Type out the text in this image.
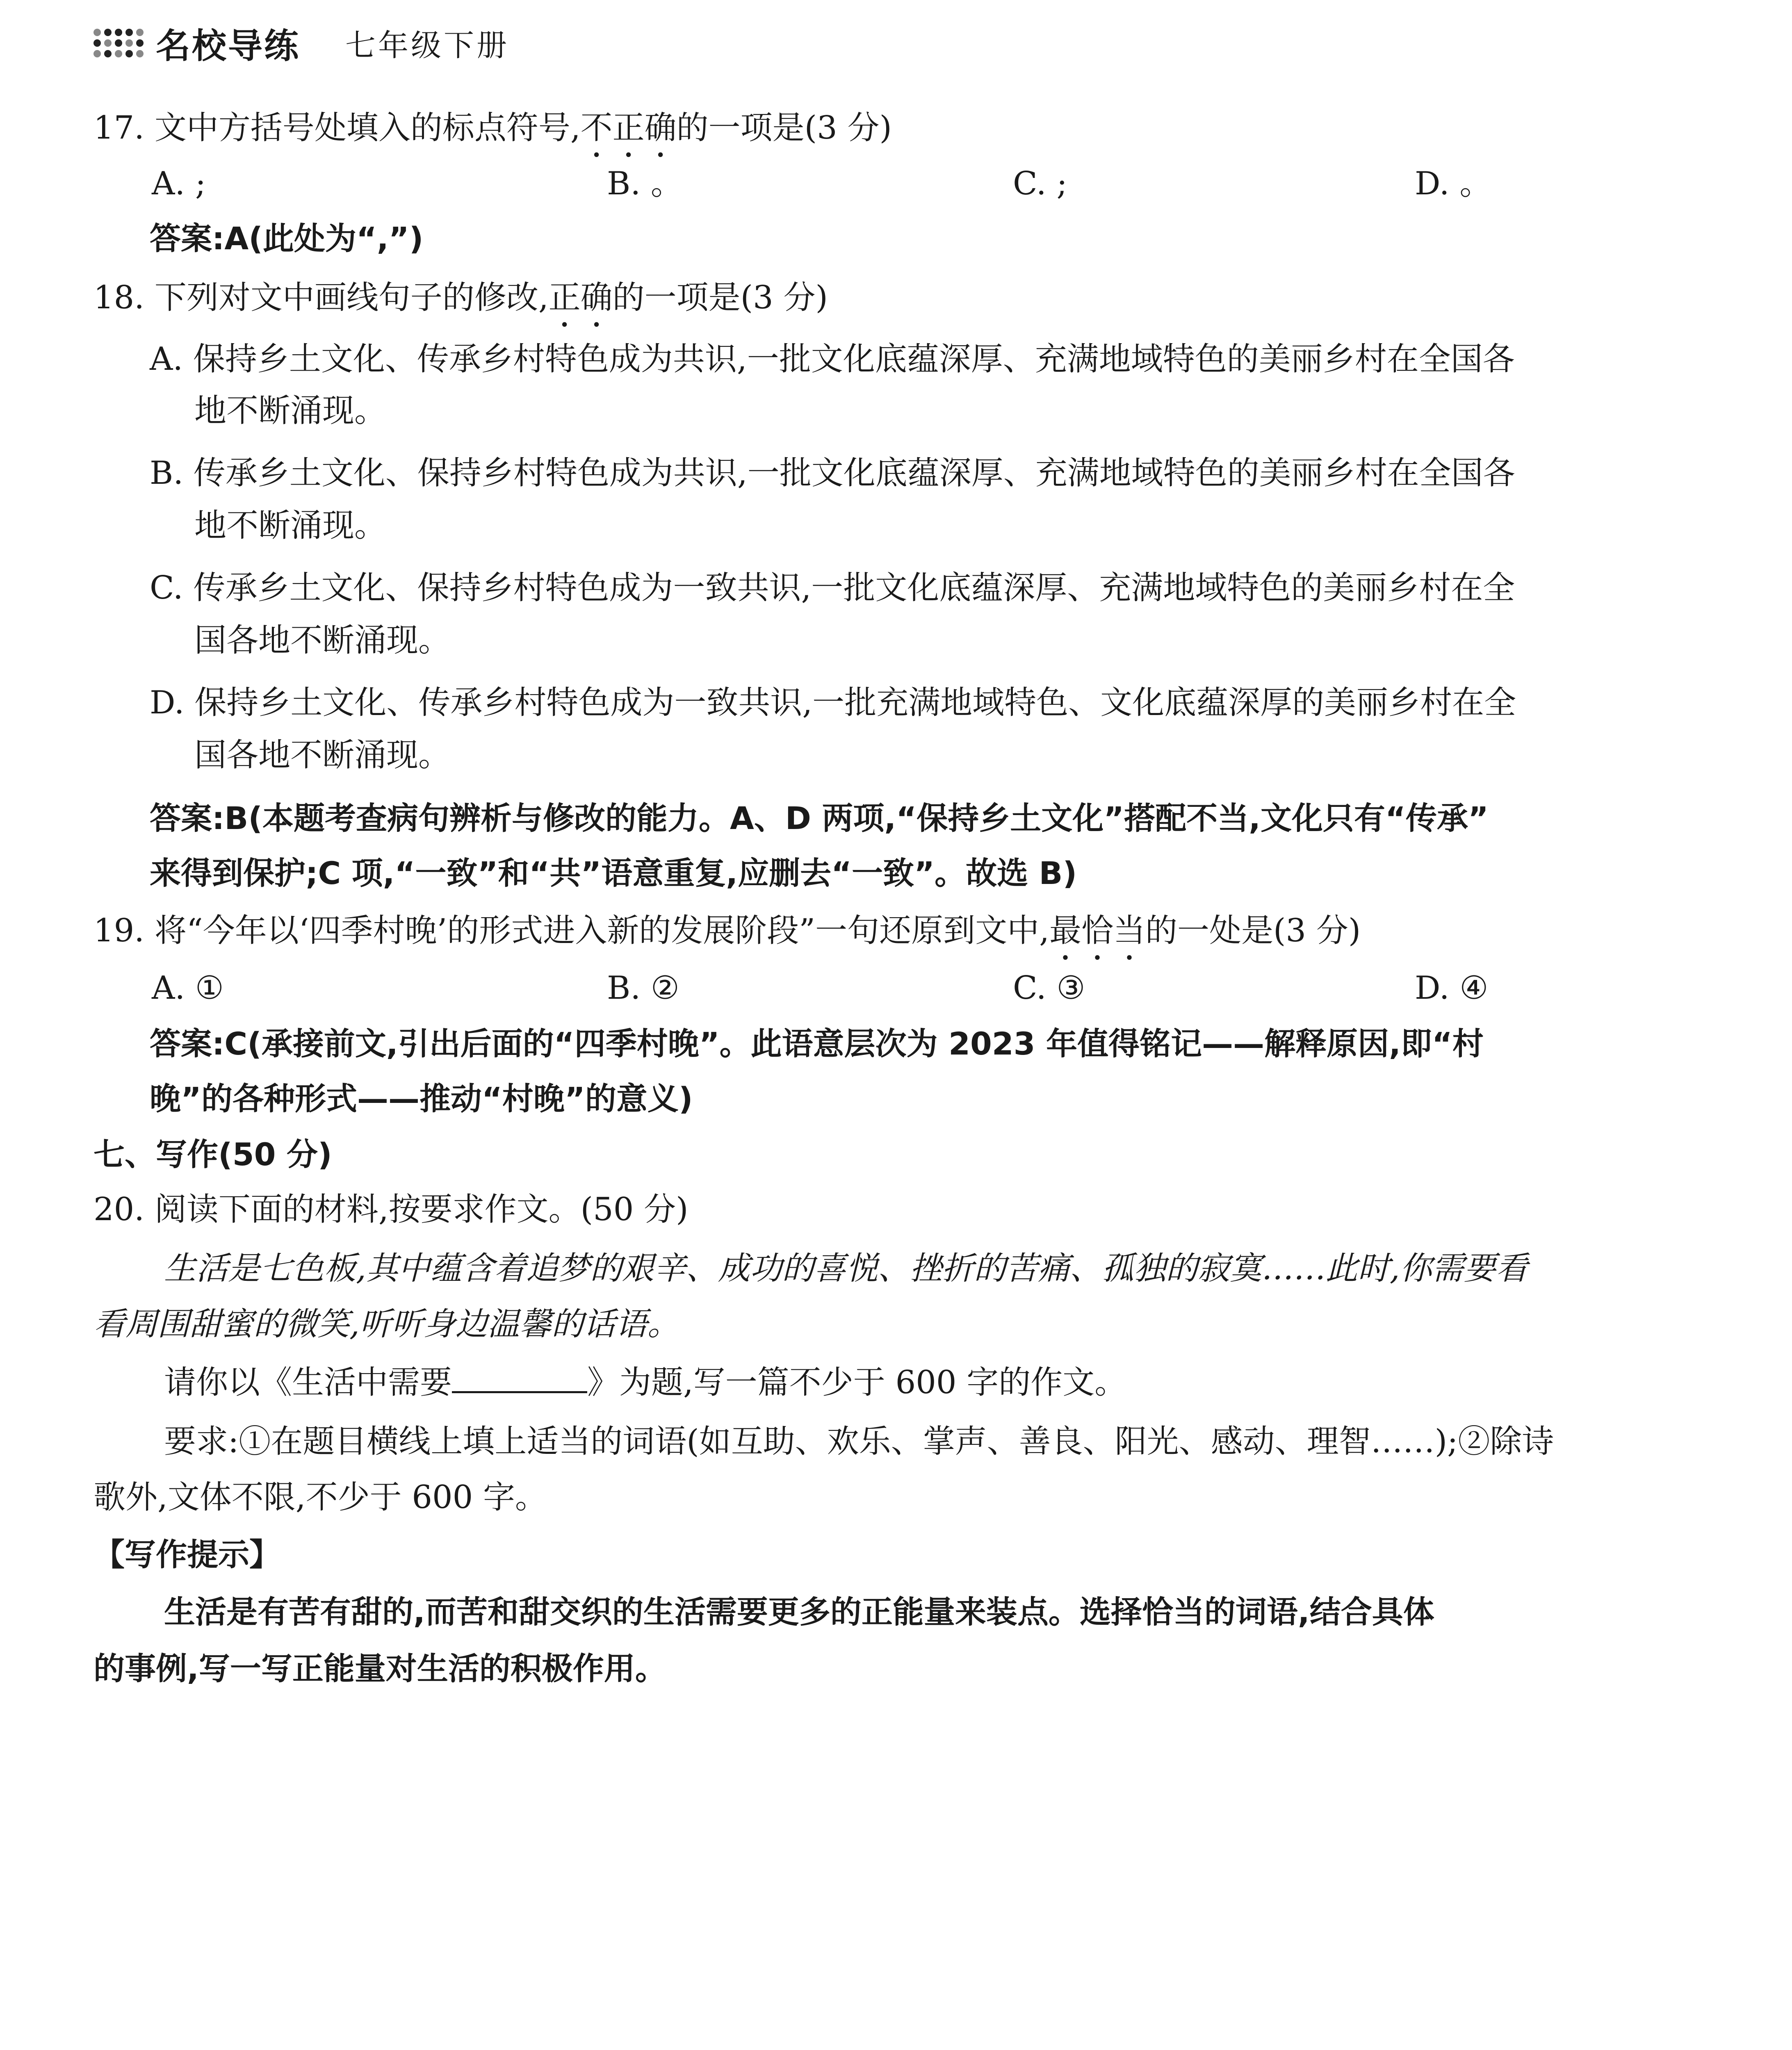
名校导练 七年级下册
17. 文中方括号处填入的标点符号,不正确的一项是(3 分)
A. ;	B. 。	C. ;	D. 。
答案:A(此处为“,”)
18. 下列对文中画线句子的修改,正确的一项是(3 分)
A. 保持乡土文化、传承乡村特色成为共识,一批文化底蕴深厚、充满地域特色的美丽乡村在全国各
地不断涌现。
B. 传承乡土文化、保持乡村特色成为共识,一批文化底蕴深厚、充满地域特色的美丽乡村在全国各
地不断涌现。
C. 传承乡土文化、保持乡村特色成为一致共识,一批文化底蕴深厚、充满地域特色的美丽乡村在全
国各地不断涌现。
D. 保持乡土文化、传承乡村特色成为一致共识,一批充满地域特色、文化底蕴深厚的美丽乡村在全
国各地不断涌现。
答案:B(本题考查病句辨析与修改的能力。A、D 两项,“保持乡土文化”搭配不当,文化只有“传承”
来得到保护;C 项,“一致”和“共”语意重复,应删去“一致”。故选 B)
19. 将“今年以‘四季村晚’的形式进入新的发展阶段”一句还原到文中,最恰当的一处是(3 分)
A. ①	B. ②	C. ③	D. ④
答案:C(承接前文,引出后面的“四季村晚”。此语意层次为 2023 年值得铭记——解释原因,即“村
晚”的各种形式——推动“村晚”的意义)
七、写作(50 分)
20. 阅读下面的材料,按要求作文。(50 分)
生活是七色板,其中蕴含着追梦的艰辛、成功的喜悦、挫折的苦痛、孤独的寂寞……此时,你需要看
看周围甜蜜的微笑,听听身边温馨的话语。
请你以《生活中需要	》为题,写一篇不少于 600 字的作文。
要求:①在题目横线上填上适当的词语(如互助、欢乐、掌声、善良、阳光、感动、理智……);②除诗
歌外,文体不限,不少于 600 字。
【写作提示】
生活是有苦有甜的,而苦和甜交织的生活需要更多的正能量来装点。选择恰当的词语,结合具体
的事例,写一写正能量对生活的积极作用。
